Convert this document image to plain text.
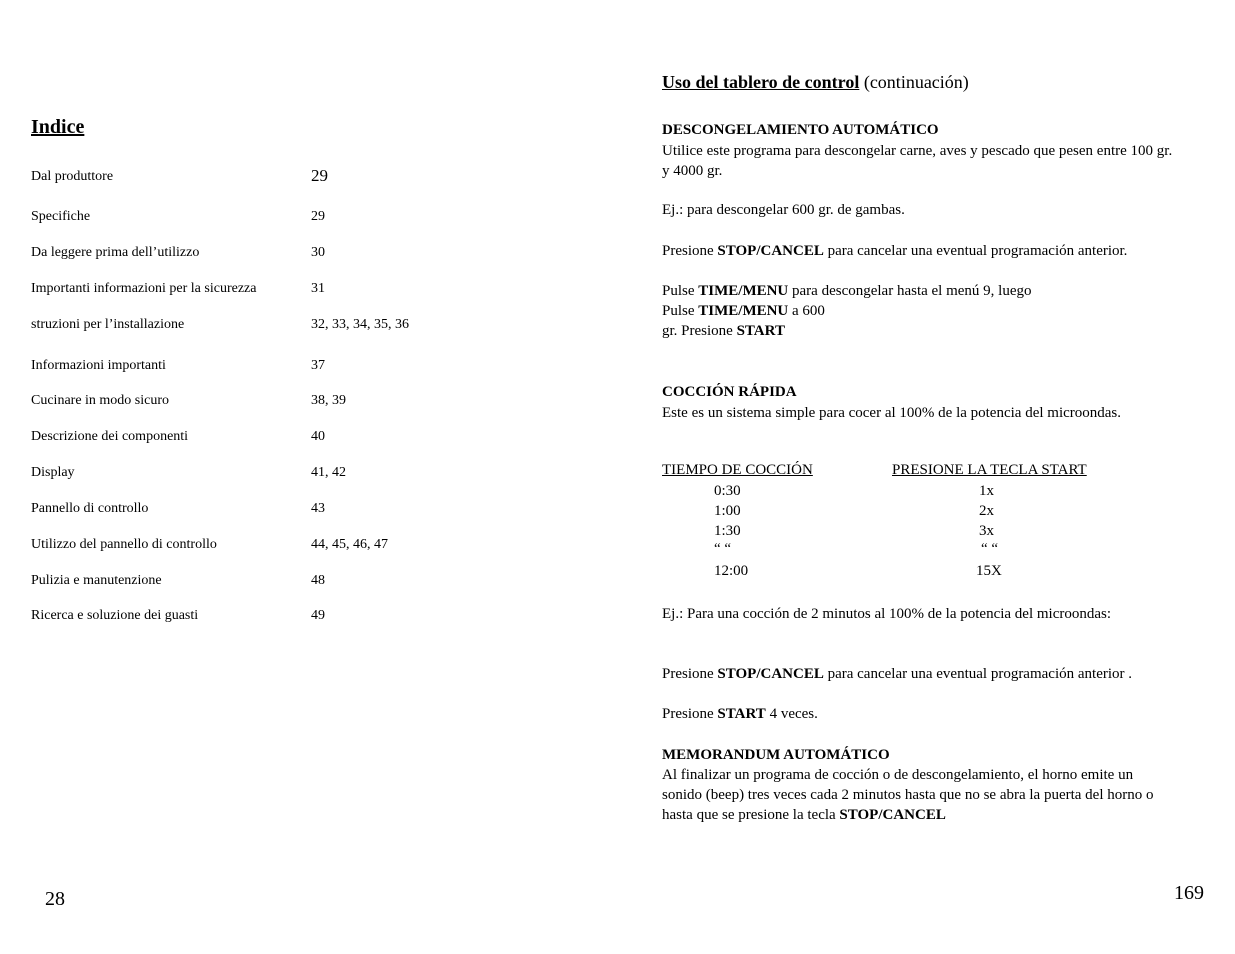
Indice
Dal produttore	29
Specifiche	29
Da leggere prima dell’utilizzo	30
Importanti informazioni per la sicurezza	31
struzioni per l’installazione	32, 33, 34, 35, 36
Informazioni importanti	37
Cucinare in modo sicuro	38, 39
Descrizione dei componenti	40
Display	41, 42
Pannello di controllo	43
Utilizzo del pannello di controllo	44, 45, 46, 47
Pulizia e manutenzione	48
Ricerca e soluzione dei guasti	49
28
Uso del tablero de control (continuación)
DESCONGELAMIENTO AUTOMÁTICO
Utilice este programa para descongelar carne, aves y pescado que pesen entre 100 gr. y 4000 gr.
Ej.: para descongelar 600 gr. de gambas.
Presione STOP/CANCEL para cancelar una eventual programación anterior.
Pulse TIME/MENU para descongelar hasta el menú 9, luego
Pulse TIME/MENU a 600
gr. Presione START
COCCIÓN RÁPIDA
Este es un sistema simple para cocer al 100% de la potencia del microondas.
TIEMPO DE COCCIÓN	PRESIONE LA TECLA START
0:30	1x
1:00	2x
1:30	3x
“ “	“ “
12:00	15X
Ej.: Para una cocción de 2 minutos al 100% de la potencia del microondas:
Presione STOP/CANCEL para cancelar una eventual programación anterior .
Presione START 4 veces.
MEMORANDUM AUTOMÁTICO
Al finalizar un programa de cocción o de descongelamiento, el horno emite un sonido (beep) tres veces cada 2 minutos hasta que no se abra la puerta del horno o hasta que se presione la tecla STOP/CANCEL
169
